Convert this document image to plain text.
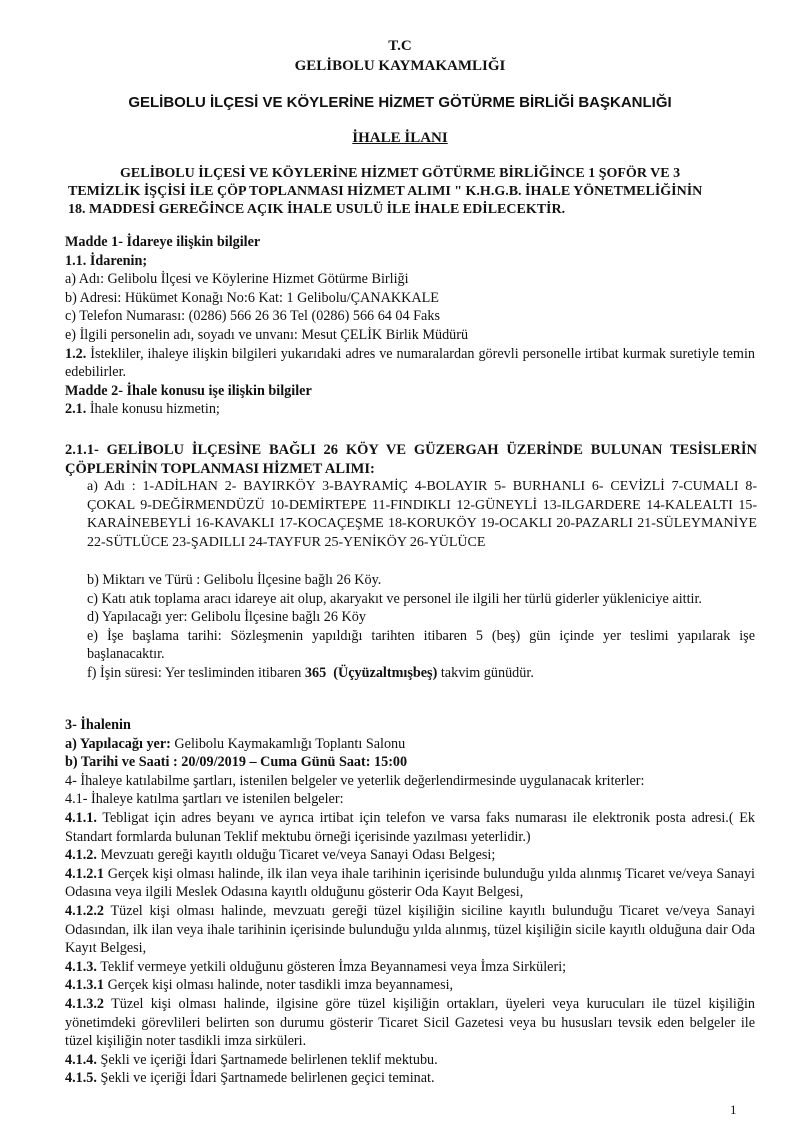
T.C
GELİBOLU KAYMAKAMLIĞI
GELİBOLU İLÇESİ VE KÖYLERİNE HİZMET GÖTÜRME BİRLİĞİ BAŞKANLIĞI
İHALE İLANI
GELİBOLU İLÇESİ VE KÖYLERİNE HİZMET GÖTÜRME BİRLİĞİNCE 1 ŞOFÖR VE 3
TEMİZLİK İŞÇİSİ İLE ÇÖP TOPLANMASI HİZMET ALIMI " K.H.G.B. İHALE YÖNETMELİĞİNİN
18. MADDESİ GEREĞİNCE AÇIK İHALE USULÜ İLE İHALE EDİLECEKTİR.
Madde 1- İdareye ilişkin bilgiler
1.1. İdarenin;
a) Adı: Gelibolu İlçesi ve Köylerine Hizmet Götürme Birliği
b) Adresi: Hükümet Konağı No:6 Kat: 1 Gelibolu/ÇANAKKALE
c) Telefon Numarası: (0286) 566 26 36 Tel (0286) 566 64 04 Faks
e) İlgili personelin adı, soyadı ve unvanı: Mesut ÇELİK Birlik Müdürü
1.2. İstekliler, ihaleye ilişkin bilgileri yukarıdaki adres ve numaralardan görevli personelle irtibat kurmak suretiyle temin edebilirler.
Madde 2- İhale konusu işe ilişkin bilgiler
2.1. İhale konusu hizmetin;
2.1.1- GELİBOLU İLÇESİNE BAĞLI 26 KÖY VE GÜZERGAH ÜZERİNDE BULUNAN TESİSLERİN ÇÖPLERİNİN TOPLANMASI HİZMET ALIMI:
a) Adı : 1-ADİLHAN 2- BAYIRKÖY 3-BAYRAMİÇ 4-BOLAYIR 5- BURHANLI 6- CEVİZLİ 7-CUMALI 8-ÇOKAL 9-DEĞİRMENDÜZÜ 10-DEMİRTEPE 11-FINDIKLI 12-GÜNEYLİ 13-ILGARDERE 14-KALEALTI 15-KARAİNEBEYLİ 16-KAVAKLI 17-KOCAÇEŞME 18-KORUKÖY 19-OCAKLI 20-PAZARLI 21-SÜLEYMANİYE 22-SÜTLÜCE 23-ŞADILLI 24-TAYFUR 25-YENİKÖY 26-YÜLÜCE
b) Miktarı ve Türü : Gelibolu İlçesine bağlı 26 Köy.
c) Katı atık toplama aracı idareye ait olup, akaryakıt ve personel ile ilgili her türlü giderler yükleniciye aittir.
d) Yapılacağı yer: Gelibolu İlçesine bağlı 26 Köy
e) İşe başlama tarihi: Sözleşmenin yapıldığı tarihten itibaren 5 (beş) gün içinde yer teslimi yapılarak işe başlanacaktır.
f) İşin süresi: Yer tesliminden itibaren 365 (Üçyüzaltmışbeş) takvim günüdür.
3- İhalenin
a) Yapılacağı yer: Gelibolu Kaymakamlığı Toplantı Salonu
b) Tarihi ve Saati : 20/09/2019 – Cuma Günü Saat: 15:00
4- İhaleye katılabilme şartları, istenilen belgeler ve yeterlik değerlendirmesinde uygulanacak kriterler:
4.1- İhaleye katılma şartları ve istenilen belgeler:
4.1.1. Tebligat için adres beyanı ve ayrıca irtibat için telefon ve varsa faks numarası ile elektronik posta adresi.( Ek Standart formlarda bulunan Teklif mektubu örneği içerisinde yazılması yeterlidir.)
4.1.2. Mevzuatı gereği kayıtlı olduğu Ticaret ve/veya Sanayi Odası Belgesi;
4.1.2.1 Gerçek kişi olması halinde, ilk ilan veya ihale tarihinin içerisinde bulunduğu yılda alınmış Ticaret ve/veya Sanayi Odasına veya ilgili Meslek Odasına kayıtlı olduğunu gösterir Oda Kayıt Belgesi,
4.1.2.2 Tüzel kişi olması halinde, mevzuatı gereği tüzel kişiliğin siciline kayıtlı bulunduğu Ticaret ve/veya Sanayi Odasından, ilk ilan veya ihale tarihinin içerisinde bulunduğu yılda alınmış, tüzel kişiliğin sicile kayıtlı olduğuna dair Oda Kayıt Belgesi,
4.1.3. Teklif vermeye yetkili olduğunu gösteren İmza Beyannamesi veya İmza Sirküleri;
4.1.3.1 Gerçek kişi olması halinde, noter tasdikli imza beyannamesi,
4.1.3.2 Tüzel kişi olması halinde, ilgisine göre tüzel kişiliğin ortakları, üyeleri veya kurucuları ile tüzel kişiliğin yönetimdeki görevlileri belirten son durumu gösterir Ticaret Sicil Gazetesi veya bu hususları tevsik eden belgeler ile tüzel kişiliğin noter tasdikli imza sirküleri.
4.1.4. Şekli ve içeriği İdari Şartnamede belirlenen teklif mektubu.
4.1.5. Şekli ve içeriği İdari Şartnamede belirlenen geçici teminat.
1
